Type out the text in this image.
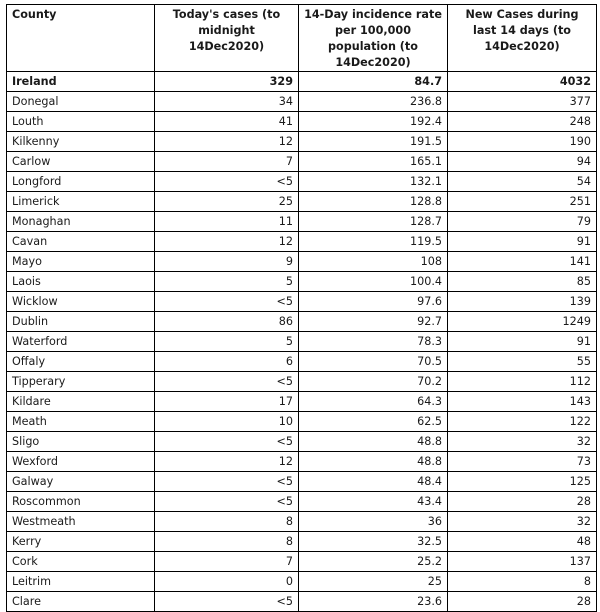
County	Today's cases (to midnight 14Dec2020)	14-Day incidence rate per 100,000 population (to 14Dec2020)	New Cases during last 14 days (to 14Dec2020)
Ireland	329	84.7	4032
Donegal	34	236.8	377
Louth	41	192.4	248
Kilkenny	12	191.5	190
Carlow	7	165.1	94
Longford	<5	132.1	54
Limerick	25	128.8	251
Monaghan	11	128.7	79
Cavan	12	119.5	91
Mayo	9	108	141
Laois	5	100.4	85
Wicklow	<5	97.6	139
Dublin	86	92.7	1249
Waterford	5	78.3	91
Offaly	6	70.5	55
Tipperary	<5	70.2	112
Kildare	17	64.3	143
Meath	10	62.5	122
Sligo	<5	48.8	32
Wexford	12	48.8	73
Galway	<5	48.4	125
Roscommon	<5	43.4	28
Westmeath	8	36	32
Kerry	8	32.5	48
Cork	7	25.2	137
Leitrim	0	25	8
Clare	<5	23.6	28
